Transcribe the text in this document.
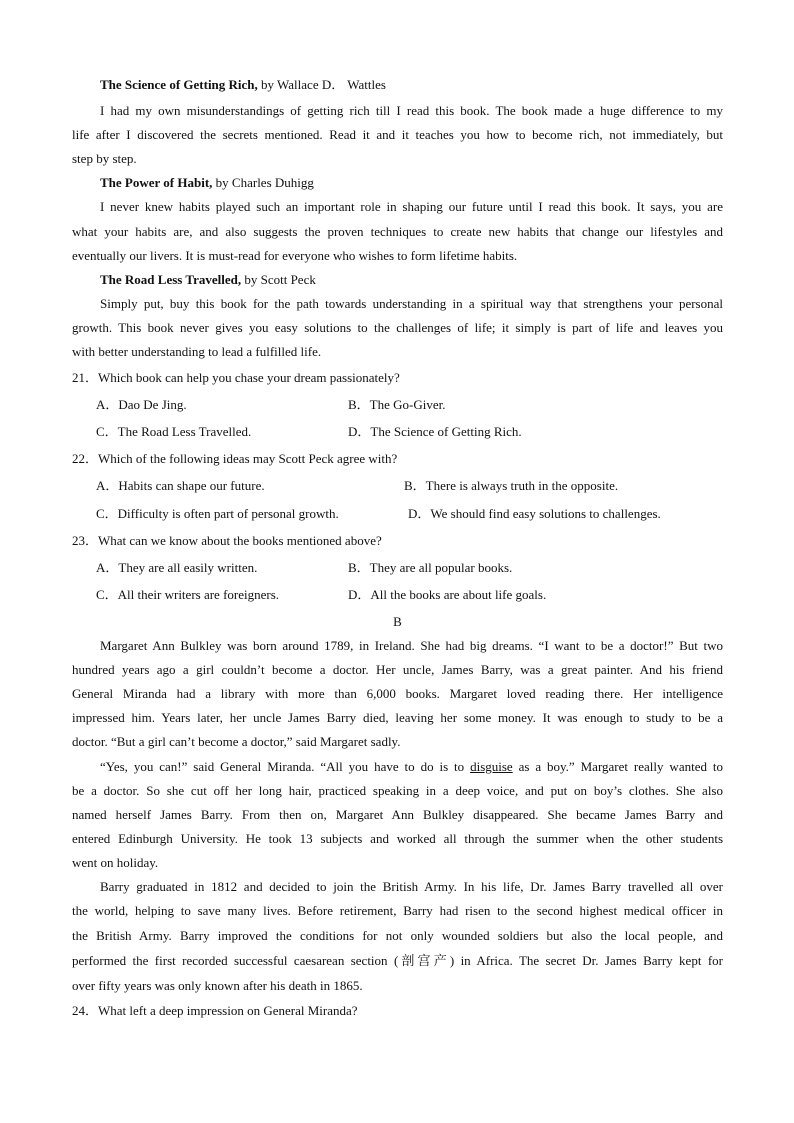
The Science of Getting Rich, by Wallace D． Wattles
I had my own misunderstandings of getting rich till I read this book. The book made a huge difference to my
life after I discovered the secrets mentioned. Read it and it teaches you how to become rich, not immediately, but
step by step.
The Power of Habit, by Charles Duhigg
I never knew habits played such an important role in shaping our future until I read this book. It says, you are
what your habits are, and also suggests the proven techniques to create new habits that change our lifestyles and
eventually our livers. It is must-read for everyone who wishes to form lifetime habits.
The Road Less Travelled, by Scott Peck
Simply put, buy this book for the path towards understanding in a spiritual way that strengthens your personal
growth. This book never gives you easy solutions to the challenges of life; it simply is part of life and leaves you
with better understanding to lead a fulfilled life.
21．Which book can help you chase your dream passionately?
A．Dao De Jing.	B．The Go-Giver.
C．The Road Less Travelled.	D．The Science of Getting Rich.
22．Which of the following ideas may Scott Peck agree with?
A．Habits can shape our future.	B．There is always truth in the opposite.
C．Difficulty is often part of personal growth.	D．We should find easy solutions to challenges.
23．What can we know about the books mentioned above?
A．They are all easily written.	B．They are all popular books.
C．All their writers are foreigners.	D．All the books are about life goals.
B
Margaret Ann Bulkley was born around 1789, in Ireland. She had big dreams. “I want to be a doctor!” But two
hundred years ago a girl couldn’t become a doctor. Her uncle, James Barry, was a great painter. And his friend
General Miranda had a library with more than 6,000 books. Margaret loved reading there. Her intelligence
impressed him. Years later, her uncle James Barry died, leaving her some money. It was enough to study to be a
doctor. “But a girl can’t become a doctor,” said Margaret sadly.
“Yes, you can!” said General Miranda. “All you have to do is to disguise as a boy.” Margaret really wanted to
be a doctor. So she cut off her long hair, practiced speaking in a deep voice, and put on boy’s clothes. She also
named herself James Barry. From then on, Margaret Ann Bulkley disappeared. She became James Barry and
entered Edinburgh University. He took 13 subjects and worked all through the summer when the other students
went on holiday.
Barry graduated in 1812 and decided to join the British Army. In his life, Dr. James Barry travelled all over
the world, helping to save many lives. Before retirement, Barry had risen to the second highest medical officer in
the British Army. Barry improved the conditions for not only wounded soldiers but also the local people, and
performed the first recorded successful caesarean section (剖宫产) in Africa. The secret Dr. James Barry kept for
over fifty years was only known after his death in 1865.
24．What left a deep impression on General Miranda?
